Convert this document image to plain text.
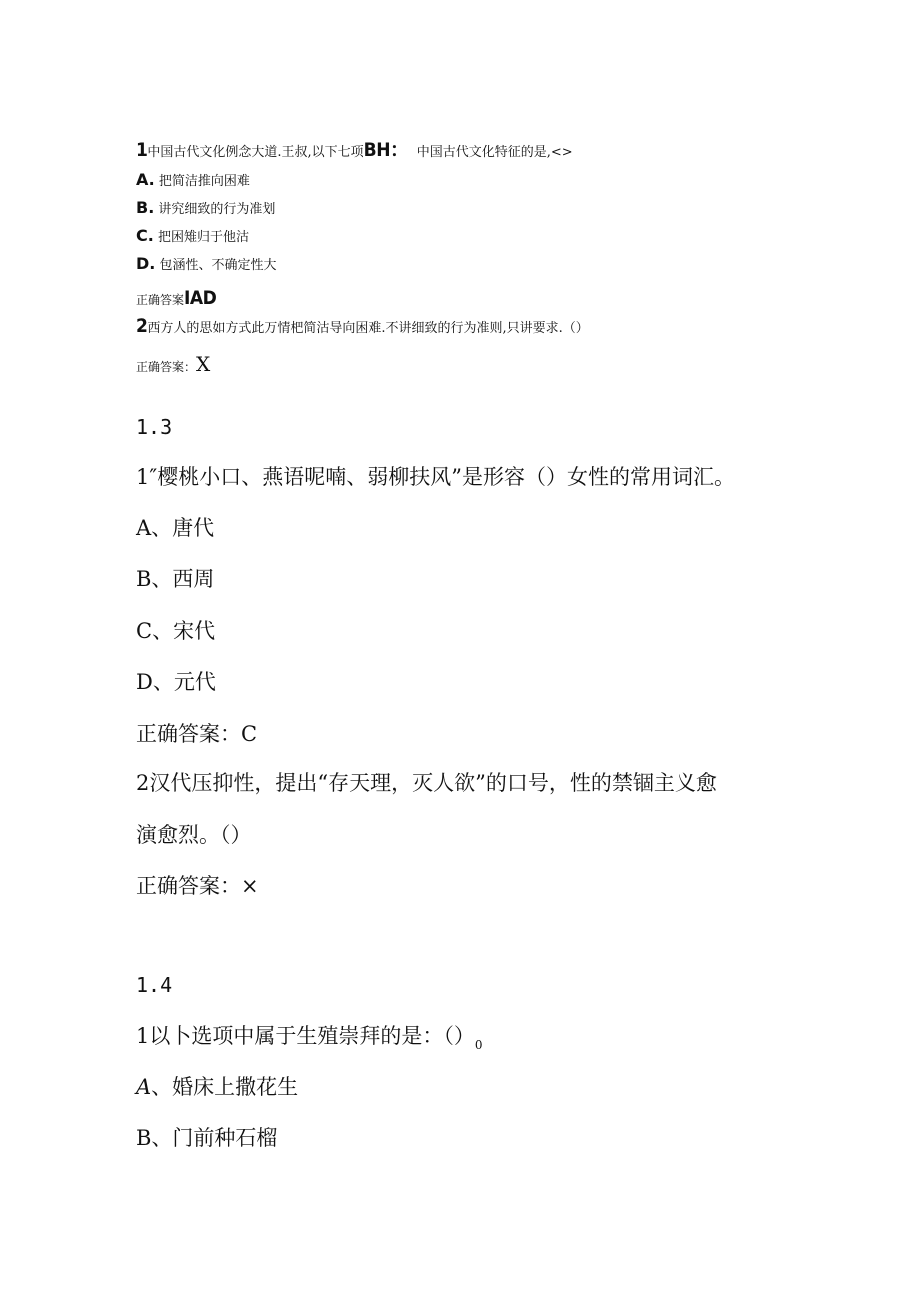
1中国古代文化例念大道.王叔,以下七项BH： 中国古代文化特征的是,<>
A. 把简洁推向困难
B. 讲究细致的行为准划
C. 把困雉归于他沽
D. 包涵性、不确定性大
正确答案IAD
2西方人的思如方式此万情杷简沽导向困难.不讲细致的行为准则,只讲要求.（）
正确答案：X
1.3
1″樱桃小口、燕语呢喃、弱柳扶风”是形容（）女性的常用词汇。
A、唐代
B、西周
C、宋代
D、元代
正确答案：C
2汉代压抑性，提出“存天理，灭人欲”的口号，性的禁锢主义愈
演愈烈。（）
正确答案：×
1.4
1以卜选项中属于生殖崇拜的是：$()_0$
A、婚床上撒花生
B、门前种石榴
